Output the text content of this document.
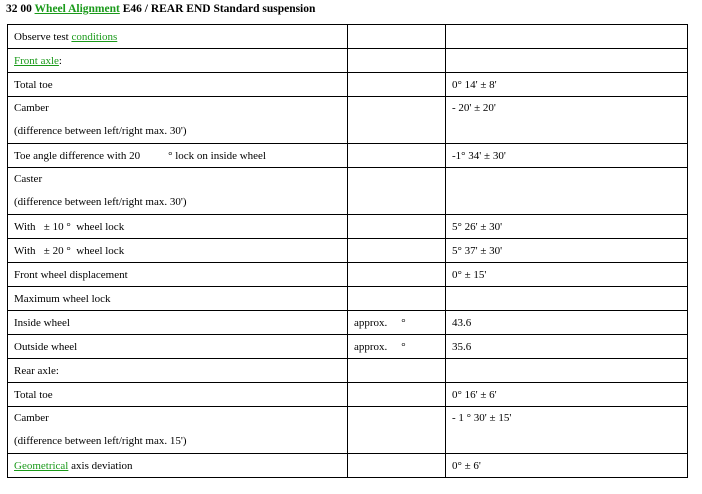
32 00 Wheel Alignment E46 / REAR END Standard suspension
Observe test conditions		
Front axle:		
Total toe		0° 14' ± 8'

Camber
(difference between left/right max. 30')		- 20' ± 20'

Toe angle difference with 20 ° lock on inside wheel		-1° 34' ± 30'

Caster
(difference between left/right max. 30')		

With   ± 10 °  wheel lock		5° 26' ± 30'
With   ± 20 °  wheel lock		5° 37' ± 30'
Front wheel displacement		0° ± 15'
Maximum wheel lock		
Inside wheel	approx. °	43.6
Outside wheel	approx. °	35.6
Rear axle:		
Total toe		0° 16' ± 6'

Camber
(difference between left/right max. 15')		- 1 ° 30' ± 15'

Geometrical axis deviation		0° ± 6'
